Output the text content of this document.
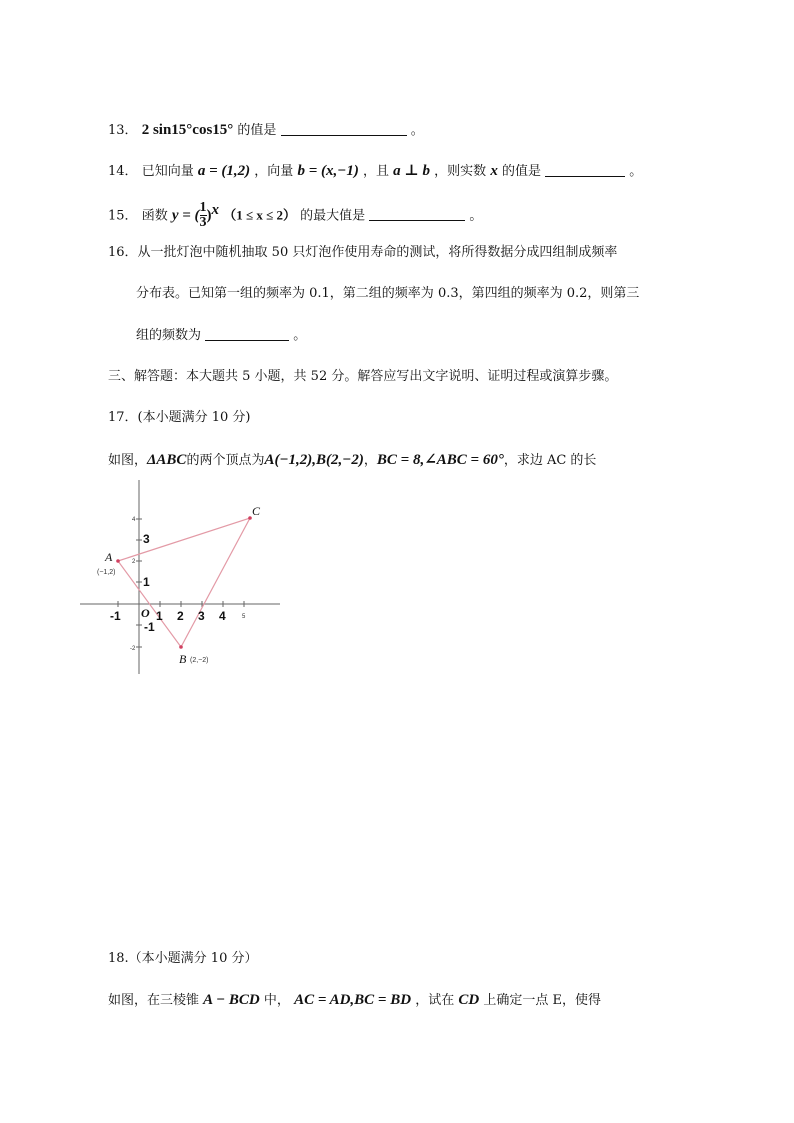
13． 2 sin15°cos15° 的值是	。
14． 已知向量 a = (1,2) ，向量 b = (x,−1) ，且 a ⊥ b ，则实数 x 的值是	。
15． 函数 y = ( $\frac{1}{3} )^x$ （1 ≤ x ≤ 2） 的最大值是	。
16．从一批灯泡中随机抽取 50 只灯泡作使用寿命的测试，将所得数据分成四组制成频率
分布表。已知第一组的频率为 0.1，第二组的频率为 0.3，第四组的频率为 0.2，则第三
组的频数为	。
三、解答题：本大题共 5 小题，共 52 分。解答应写出文字说明、证明过程或演算步骤。
17．(本小题满分 10 分)
如图，ΔABC的两个顶点为A(−1,2),B(2,−2)，BC = 8,∠ABC = 60°，求边 AC 的长
-1	1 2 3 4
3
1
-1
5
4
2
-2
A
B
C
O
(−1,2)
(2,−2)
18.（本小题满分 10 分）
如图，在三棱锥 A − BCD 中， AC = AD,BC = BD ，试在 CD 上确定一点 E，使得
